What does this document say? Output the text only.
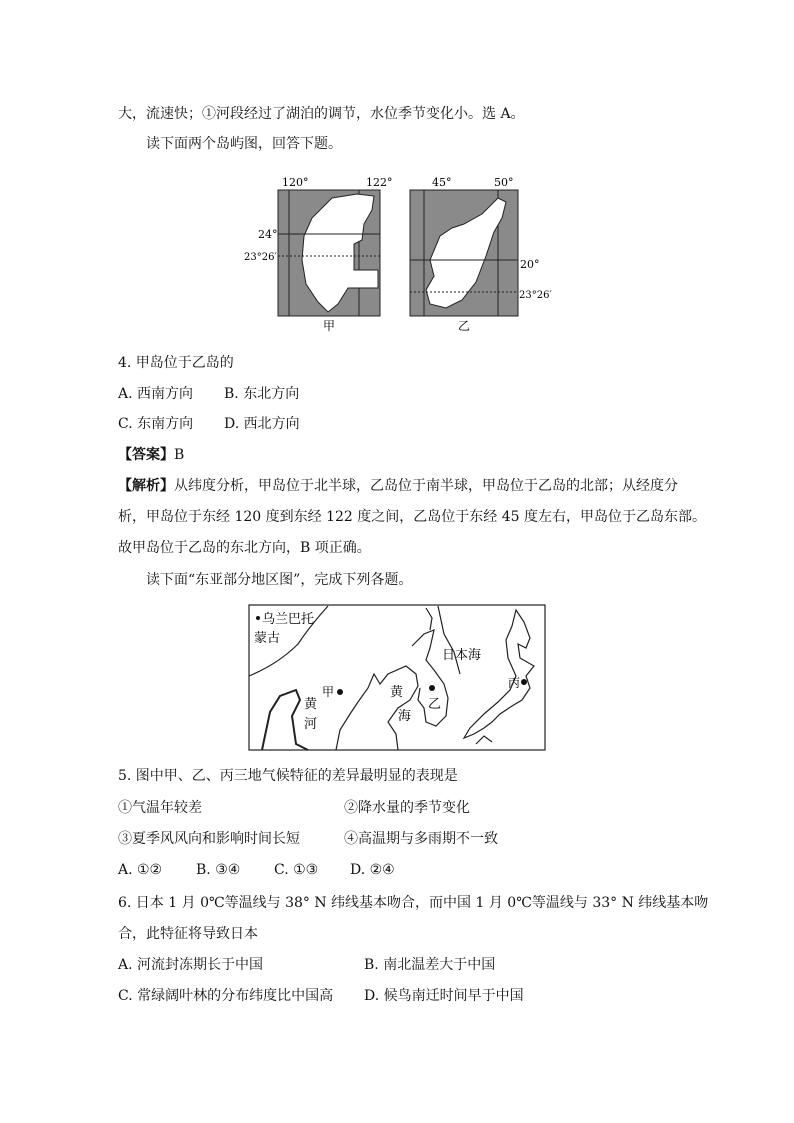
大，流速快；①河段经过了湖泊的调节，水位季节变化小。选 A。
读下面两个岛屿图，回答下题。
120°	122°
24°
23°26′
甲
45°	50°
20°
23°26′
乙
4. 甲岛位于乙岛的
A. 西南方向 B. 东北方向
C. 东南方向 D. 西北方向
【答案】B
【解析】从纬度分析，甲岛位于北半球，乙岛位于南半球，甲岛位于乙岛的北部；从经度分
析，甲岛位于东经 120 度到东经 122 度之间，乙岛位于东经 45 度左右，甲岛位于乙岛东部。
故甲岛位于乙岛的东北方向，B 项正确。
读下面“东亚部分地区图”，完成下列各题。
乌兰巴托
蒙古
日本海
甲
乙
丙
黄
河
黄
海
5. 图中甲、乙、丙三地气候特征的差异最明显的表现是
①气温年较差	②降水量的季节变化
③夏季风风向和影响时间长短	④高温期与多雨期不一致
A. ①② B. ③④ C. ①③ D. ②④
6. 日本 1 月 0℃等温线与 38° N 纬线基本吻合，而中国 1 月 0℃等温线与 33° N 纬线基本吻
合，此特征将导致日本
A. 河流封冻期长于中国	B. 南北温差大于中国
C. 常绿阔叶林的分布纬度比中国高 D. 候鸟南迁时间早于中国
